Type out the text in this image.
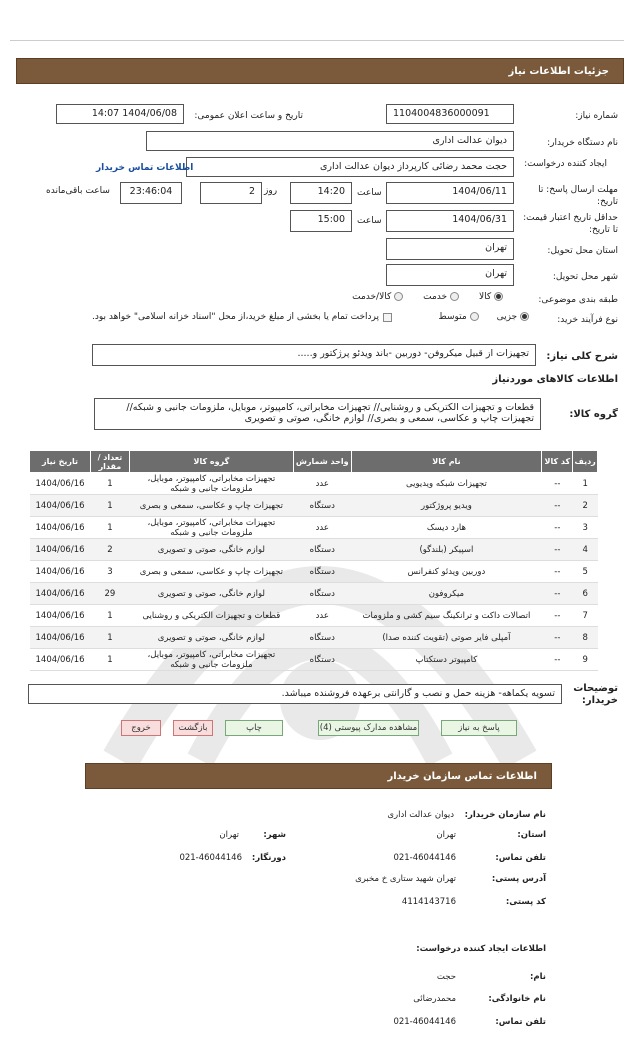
جزئیات اطلاعات نیاز
شماره نیاز:
1104004836000091
تاریخ و ساعت اعلان عمومی:
1404/06/08 14:07
نام دستگاه خریدار:
دیوان عدالت اداری
ایجاد کننده درخواست:
حجت محمد رضائی کارپرداز دیوان عدالت اداری
اطلاعات تماس خریدار
مهلت ارسال پاسخ: تا تاریخ:
1404/06/11
ساعت
14:20
روز
2
23:46:04
ساعت باقی‌مانده
حداقل تاریخ اعتبار قیمت: تا تاریخ:
1404/06/31
ساعت
15:00
استان محل تحویل:
تهران
شهر محل تحویل:
تهران
طبقه بندی موضوعی:
کالا
خدمت
کالا/خدمت
نوع فرآیند خرید:
جزیی
متوسط
پرداخت تمام یا بخشی از مبلغ خرید،از محل "اسناد خزانه اسلامی" خواهد بود.
شرح کلی نیاز:
تجهیزات از قبیل میکروفن- دوربین -باند ویدئو پرژکتور و.....
اطلاعات کالاهای موردنیاز
گروه کالا:
قطعات و تجهیزات الکتریکی و روشنایی// تجهیزات مخابراتی، کامپیوتر، موبایل، ملزومات جانبی و شبکه// تجهیزات چاپ و عکاسی، سمعی و بصری// لوازم خانگی، صوتی و تصویری
ردیف	کد کالا	نام کالا	واحد شمارش	گروه کالا	تعداد / مقدار	تاریخ نیاز
1	--	تجهیزات شبکه ویدیویی	عدد	تجهیزات مخابراتی، کامپیوتر، موبایل، ملزومات جانبی و شبکه	1	1404/06/16
2	--	ویدیو پروژکتور	دستگاه	تجهیزات چاپ و عکاسی، سمعی و بصری	1	1404/06/16
3	--	هارد دیسک	عدد	تجهیزات مخابراتی، کامپیوتر، موبایل، ملزومات جانبی و شبکه	1	1404/06/16
4	--	اسپیکر (بلندگو)	دستگاه	لوازم خانگی، صوتی و تصویری	2	1404/06/16
5	--	دوربین ویدئو کنفرانس	دستگاه	تجهیزات چاپ و عکاسی، سمعی و بصری	3	1404/06/16
6	--	میکروفون	دستگاه	لوازم خانگی، صوتی و تصویری	29	1404/06/16
7	--	اتصالات داکت و ترانکینگ سیم کشی و ملزومات	عدد	قطعات و تجهیزات الکتریکی و روشنایی	1	1404/06/16
8	--	آمپلی فایر صوتی (تقویت کننده صدا)	دستگاه	لوازم خانگی، صوتی و تصویری	1	1404/06/16
9	--	کامپیوتر دستکتاپ	دستگاه	تجهیزات مخابراتی، کامپیوتر، موبایل، ملزومات جانبی و شبکه	1	1404/06/16
توضیحات خریدار:
تسویه یکماهه- هزینه حمل و نصب و گارانتی برعهده فروشنده میباشد.
پاسخ به نیاز
مشاهده مدارک پیوستی (4)
چاپ
بازگشت
خروج
اطلاعات تماس سازمان خریدار
نام سازمان خریدار:
دیوان عدالت اداری
استان:
تهران
شهر:
تهران
تلفن تماس:
021-46044146
دورنگار:
021-46044146
آدرس پستی:
تهران شهید ستاری خ مخبری
کد پستی:
4114143716
اطلاعات ایجاد کننده درخواست:
نام:
حجت
نام خانوادگی:
محمدرضائی
تلفن تماس:
021-46044146
